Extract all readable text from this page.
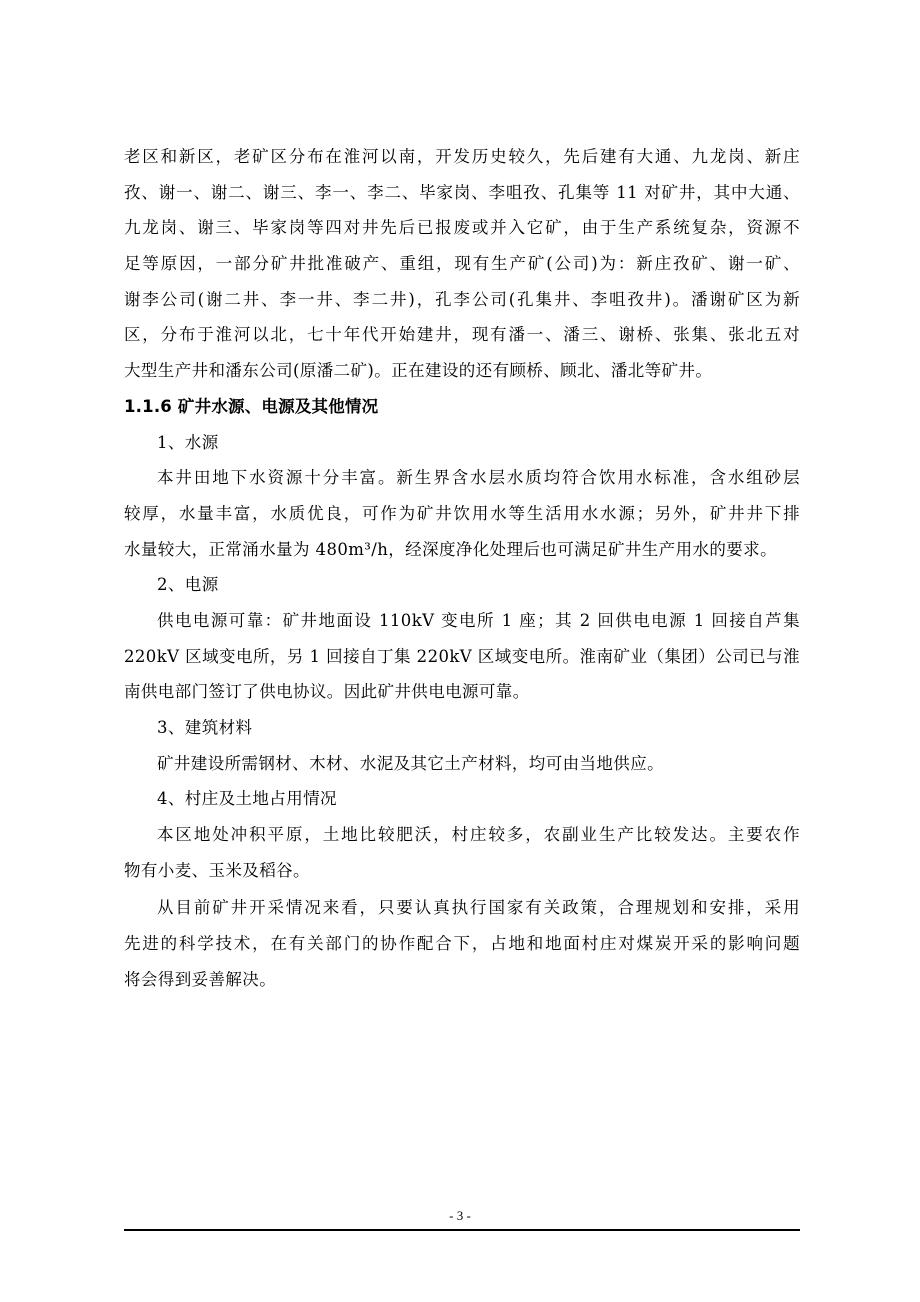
老区和新区，老矿区分布在淮河以南，开发历史较久，先后建有大通、九龙岗、新庄
孜、谢一、谢二、谢三、李一、李二、毕家岗、李咀孜、孔集等 11 对矿井，其中大通、
九龙岗、谢三、毕家岗等四对井先后已报废或并入它矿，由于生产系统复杂，资源不
足等原因，一部分矿井批准破产、重组，现有生产矿(公司)为：新庄孜矿、谢一矿、
谢李公司(谢二井、李一井、李二井)，孔李公司(孔集井、李咀孜井)。潘谢矿区为新
区，分布于淮河以北，七十年代开始建井，现有潘一、潘三、谢桥、张集、张北五对
大型生产井和潘东公司(原潘二矿)。正在建设的还有顾桥、顾北、潘北等矿井。
1.1.6 矿井水源、电源及其他情况
1、水源
本井田地下水资源十分丰富。新生界含水层水质均符合饮用水标准，含水组砂层
较厚，水量丰富，水质优良，可作为矿井饮用水等生活用水水源；另外，矿井井下排
水量较大，正常涌水量为 480m³/h，经深度净化处理后也可满足矿井生产用水的要求。
2、电源
供电电源可靠：矿井地面设 110kV 变电所 1 座；其 2 回供电电源 1 回接自芦集
220kV 区域变电所，另 1 回接自丁集 220kV 区域变电所。淮南矿业（集团）公司已与淮
南供电部门签订了供电协议。因此矿井供电电源可靠。
3、建筑材料
矿井建设所需钢材、木材、水泥及其它土产材料，均可由当地供应。
4、村庄及土地占用情况
本区地处冲积平原，土地比较肥沃，村庄较多，农副业生产比较发达。主要农作
物有小麦、玉米及稻谷。
从目前矿井开采情况来看，只要认真执行国家有关政策，合理规划和安排，采用
先进的科学技术，在有关部门的协作配合下，占地和地面村庄对煤炭开采的影响问题
将会得到妥善解决。
- 3 -
